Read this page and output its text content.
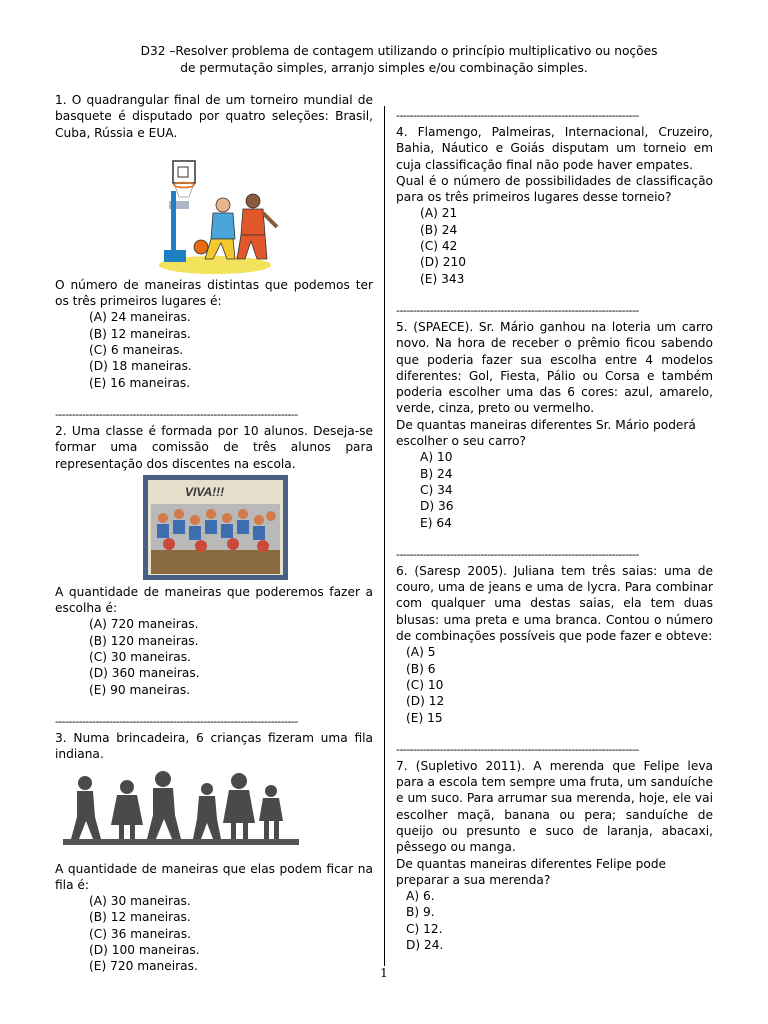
D32 –Resolver problema de contagem utilizando o princípio multiplicativo ou noções
de permutação simples, arranjo simples e/ou combinação simples.

1. O quadrangular final de um torneiro mundial de basquete é disputado por quatro seleções: Brasil, Cuba, Rússia e EUA.

O número de maneiras distintas que podemos ter os três primeiros lugares é:

(A) 24 maneiras.
(B) 12 maneiras.
(C) 6 maneiras.
(D) 18 maneiras.
(E) 16 maneiras.
------------------------------------------------------------------------

2. Uma classe é formada por 10 alunos. Deseja-se formar uma comissão de três alunos para representação dos discentes na escola.

VIVA!!!

A quantidade de maneiras que poderemos fazer a escolha é:

(A) 720 maneiras.
(B) 120 maneiras.
(C) 30 maneiras.
(D) 360 maneiras.
(E) 90 maneiras.
------------------------------------------------------------------------

3. Numa brincadeira, 6 crianças fizeram uma fila indiana.

A quantidade de maneiras que elas podem ficar na fila é:

(A) 30 maneiras.
(B) 12 maneiras.
(C) 36 maneiras.
(D) 100 maneiras.
(E) 720 maneiras.
------------------------------------------------------------------------

4. Flamengo, Palmeiras, Internacional, Cruzeiro, Bahia, Náutico e Goiás disputam um torneio em cuja classificação final não pode haver empates.

Qual é o número de possibilidades de classificação para os três primeiros lugares desse torneio?

(A) 21
(B) 24
(C) 42
(D) 210
(E) 343
------------------------------------------------------------------------

5. (SPAECE). Sr. Mário ganhou na loteria um carro novo. Na hora de receber o prêmio ficou sabendo que poderia fazer sua escolha entre 4 modelos diferentes: Gol, Fiesta, Pálio ou Corsa e também poderia escolher uma das 6 cores: azul, amarelo, verde, cinza, preto ou vermelho.

De quantas maneiras diferentes Sr. Mário poderá escolher o seu carro?

A) 10
B) 24
C) 34
D) 36
E) 64
------------------------------------------------------------------------

6. (Saresp 2005). Juliana tem três saias: uma de couro, uma de jeans e uma de lycra. Para combinar com qualquer uma destas saias, ela tem duas blusas: uma preta e uma branca. Contou o número de combinações possíveis que pode fazer e obteve:

(A) 5
(B) 6
(C) 10
(D) 12
(E) 15
------------------------------------------------------------------------

7. (Supletivo 2011). A merenda que Felipe leva para a escola tem sempre uma fruta, um sanduíche e um suco. Para arrumar sua merenda, hoje, ele vai escolher maçã, banana ou pera; sanduíche de queijo ou presunto e suco de laranja, abacaxi, pêssego ou manga.

De quantas maneiras diferentes Felipe pode preparar a sua merenda?

A) 6.
B) 9.
C) 12.
D) 24.
1
